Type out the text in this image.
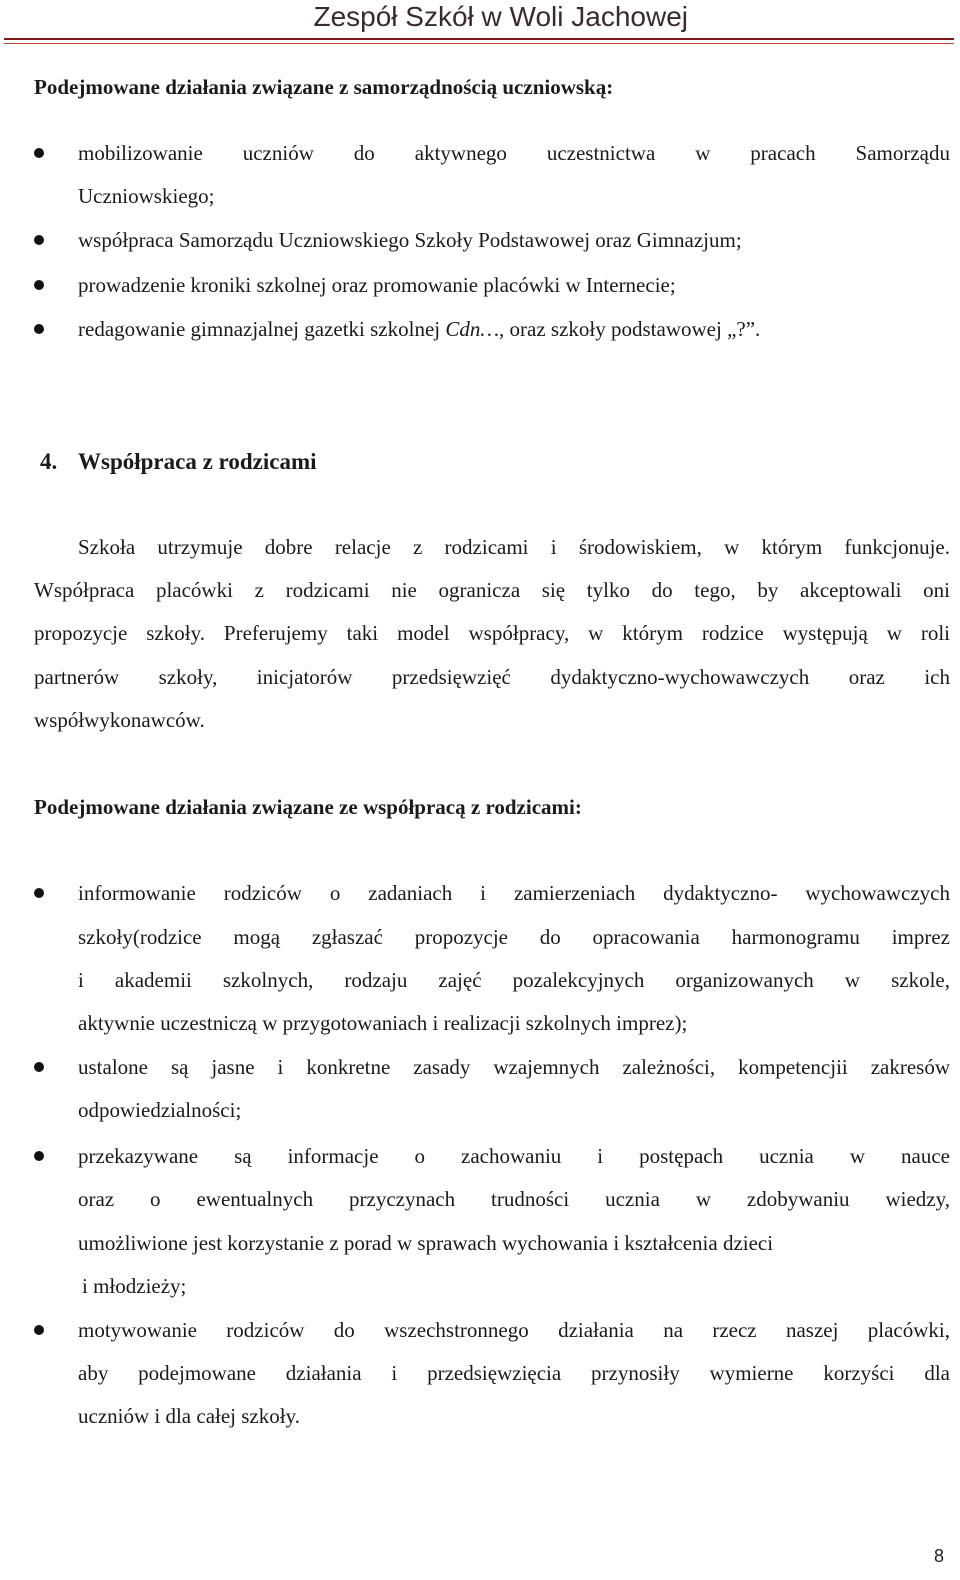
Zespół Szkół w Woli Jachowej
Podejmowane działania związane z samorządnością uczniowską:
mobilizowanie uczniów do aktywnego uczestnictwa w pracach Samorządu
Uczniowskiego;
współpraca Samorządu Uczniowskiego Szkoły Podstawowej oraz Gimnazjum;
prowadzenie kroniki szkolnej oraz promowanie placówki w Internecie;
redagowanie gimnazjalnej gazetki szkolnej Cdn…, oraz szkoły podstawowej „?”.
4. Współpraca z rodzicami
Szkoła utrzymuje dobre relacje z rodzicami i środowiskiem, w którym funkcjonuje.
Współpraca placówki z rodzicami nie ogranicza się tylko do tego, by akceptowali oni
propozycje szkoły. Preferujemy taki model współpracy, w którym rodzice występują w roli
partnerów szkoły, inicjatorów przedsięwzięć dydaktyczno-wychowawczych oraz ich
współwykonawców.
Podejmowane działania związane ze współpracą z rodzicami:
informowanie rodziców o zadaniach i zamierzeniach dydaktyczno- wychowawczych
szkoły(rodzice mogą zgłaszać propozycje do opracowania harmonogramu imprez
i akademii szkolnych, rodzaju zajęć pozalekcyjnych organizowanych w szkole,
aktywnie uczestniczą w przygotowaniach i realizacji szkolnych imprez);
ustalone są jasne i konkretne zasady wzajemnych zależności, kompetencjii zakresów
odpowiedzialności;
przekazywane są informacje o zachowaniu i postępach ucznia w nauce
oraz o ewentualnych przyczynach trudności ucznia w zdobywaniu wiedzy,
umożliwione jest korzystanie z porad w sprawach wychowania i kształcenia dzieci
i młodzieży;
motywowanie rodziców do wszechstronnego działania na rzecz naszej placówki,
aby podejmowane działania i przedsięwzięcia przynosiły wymierne korzyści dla
uczniów i dla całej szkoły.
8
